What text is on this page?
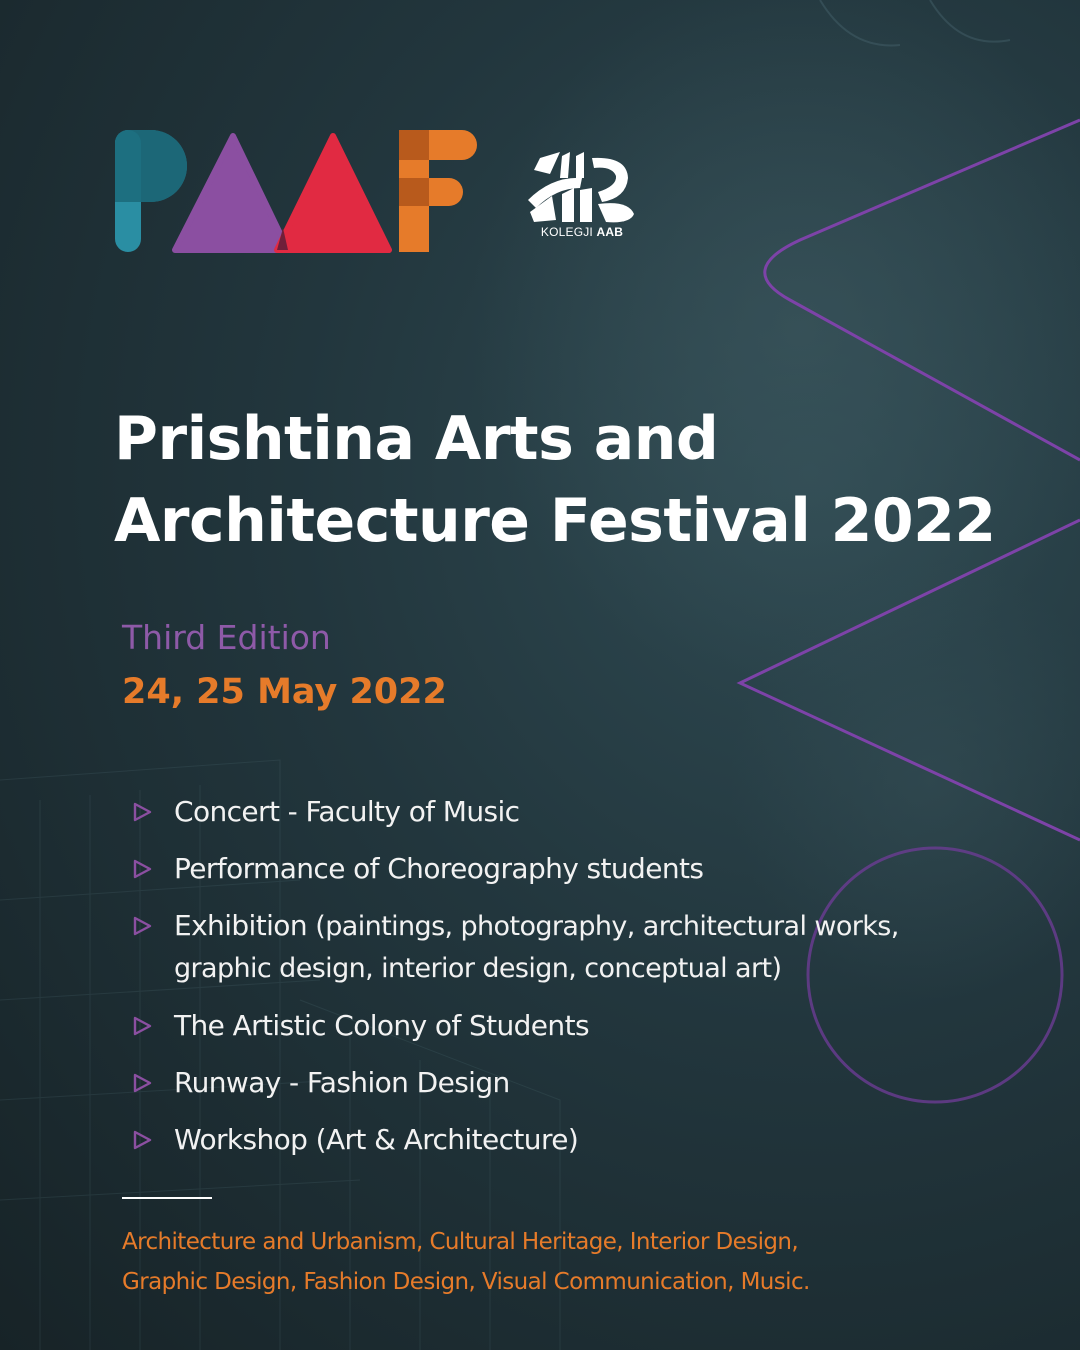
KOLEGJI AAB
Prishtina Arts and
Architecture Festival 2022
Third Edition
24, 25 May 2022
Concert - Faculty of Music
Performance of Choreography students
Exhibition (paintings, photography, architectural works,
graphic design, interior design, conceptual art)
The Artistic Colony of Students
Runway - Fashion Design
Workshop (Art & Architecture)
Architecture and Urbanism, Cultural Heritage, Interior Design,
Graphic Design, Fashion Design, Visual Communication, Music.
